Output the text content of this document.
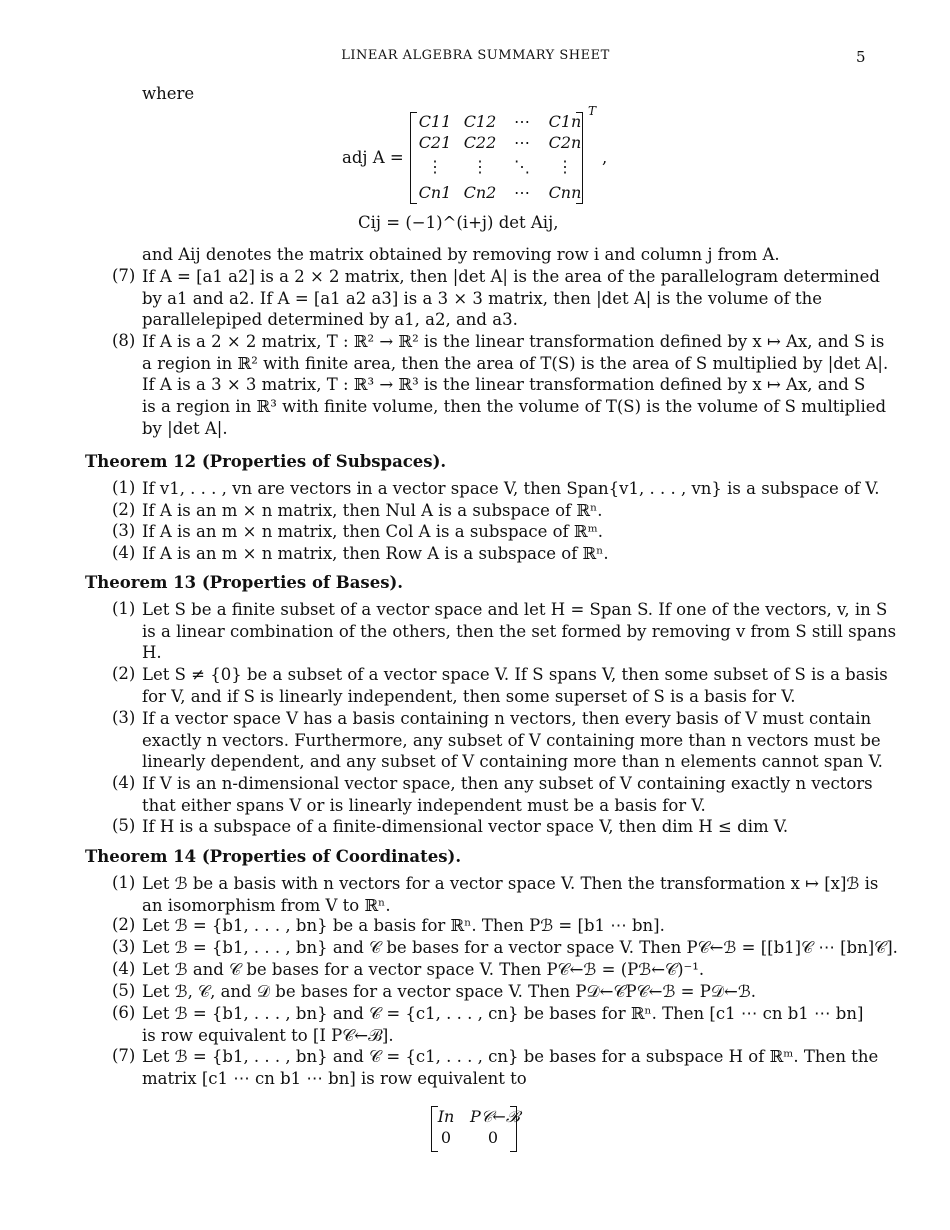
LINEAR ALGEBRA SUMMARY SHEET	5
where
adj A =
C11 C12	⋯	C1n
C21 C22	⋯	C2n
⋮	⋮	⋱	⋮
Cn1 Cn2	⋯	Cnn
T
,
Cij = (−1)^(i+j) det Aij,
and Aij denotes the matrix obtained by removing row i and column j from A.
(7) If A = [a1 a2] is a 2 × 2 matrix, then |det A| is the area of the parallelogram determined
by a1 and a2. If A = [a1 a2 a3] is a 3 × 3 matrix, then |det A| is the volume of the
parallelepiped determined by a1, a2, and a3.
(8) If A is a 2 × 2 matrix, T : ℝ² → ℝ² is the linear transformation defined by x ↦ Ax, and S is
a region in ℝ² with finite area, then the area of T(S) is the area of S multiplied by |det A|.
If A is a 3 × 3 matrix, T : ℝ³ → ℝ³ is the linear transformation defined by x ↦ Ax, and S
is a region in ℝ³ with finite volume, then the volume of T(S) is the volume of S multiplied
by |det A|.
Theorem 12 (Properties of Subspaces).
(1) If v1, . . . , vn are vectors in a vector space V, then Span{v1, . . . , vn} is a subspace of V.
(2) If A is an m × n matrix, then Nul A is a subspace of ℝⁿ.
(3) If A is an m × n matrix, then Col A is a subspace of ℝᵐ.
(4) If A is an m × n matrix, then Row A is a subspace of ℝⁿ.
Theorem 13 (Properties of Bases).
(1) Let S be a finite subset of a vector space and let H = Span S. If one of the vectors, v, in S
is a linear combination of the others, then the set formed by removing v from S still spans
H.
(2) Let S ≠ {0} be a subset of a vector space V. If S spans V, then some subset of S is a basis
for V, and if S is linearly independent, then some superset of S is a basis for V.
(3) If a vector space V has a basis containing n vectors, then every basis of V must contain
exactly n vectors. Furthermore, any subset of V containing more than n vectors must be
linearly dependent, and any subset of V containing more than n elements cannot span V.
(4) If V is an n-dimensional vector space, then any subset of V containing exactly n vectors
that either spans V or is linearly independent must be a basis for V.
(5) If H is a subspace of a finite-dimensional vector space V, then dim H ≤ dim V.
Theorem 14 (Properties of Coordinates).
(1) Let ℬ be a basis with n vectors for a vector space V. Then the transformation x ↦ [x]ℬ is
an isomorphism from V to ℝⁿ.
(2) Let ℬ = {b1, . . . , bn} be a basis for ℝⁿ. Then Pℬ = [b1 ⋯ bn].
(3) Let ℬ = {b1, . . . , bn} and 𝒞 be bases for a vector space V. Then P𝒞←ℬ = [[b1]𝒞 ⋯ [bn]𝒞].
(4) Let ℬ and 𝒞 be bases for a vector space V. Then P𝒞←ℬ = (Pℬ←𝒞)⁻¹.
(5) Let ℬ, 𝒞, and 𝒟 be bases for a vector space V. Then P𝒟←𝒞P𝒞←ℬ = P𝒟←ℬ.
(6) Let ℬ = {b1, . . . , bn} and 𝒞 = {c1, . . . , cn} be bases for ℝⁿ. Then [c1 ⋯ cn b1 ⋯ bn]
is row equivalent to [I P𝒞←ℬ].
(7) Let ℬ = {b1, . . . , bn} and 𝒞 = {c1, . . . , cn} be bases for a subspace H of ℝᵐ. Then the
matrix [c1 ⋯ cn b1 ⋯ bn] is row equivalent to
In P𝒞←ℬ
0	0
